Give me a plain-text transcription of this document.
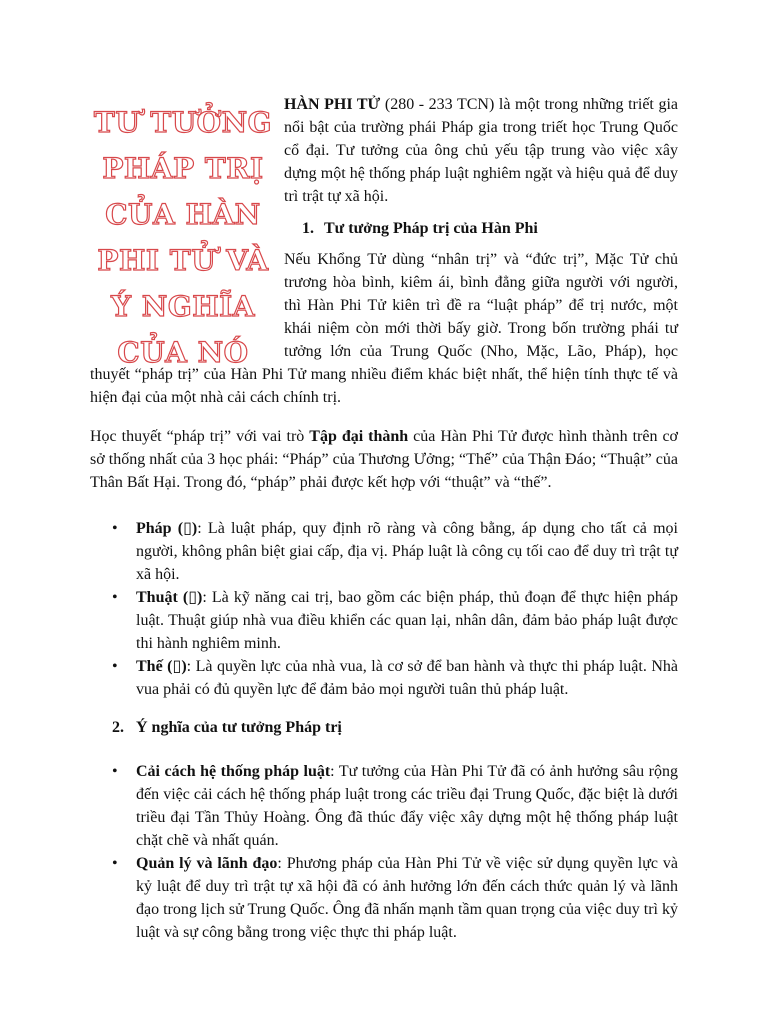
TƯ TƯỞNG
PHÁP TRỊ
CỦA HÀN
PHI TỬ VÀ
Ý NGHĨA
CỦA NÓ

HÀN PHI TỬ (280 - 233 TCN) là một trong những triết gia nổi bật của trường phái Pháp gia trong triết học Trung Quốc cổ đại. Tư tưởng của ông chủ yếu tập trung vào việc xây dựng một hệ thống pháp luật nghiêm ngặt và hiệu quả để duy trì trật tự xã hội.

1. Tư tưởng Pháp trị của Hàn Phi

Nếu Khổng Tử dùng “nhân trị” và “đức trị”, Mặc Tử chủ trương hòa bình, kiêm ái, bình đẳng giữa người với người, thì Hàn Phi Tử kiên trì đề ra “luật pháp” để trị nước, một khái niệm còn mới thời bấy giờ. Trong bốn trường phái tư tưởng lớn của Trung Quốc (Nho, Mặc, Lão, Pháp), học thuyết “pháp trị” của Hàn Phi Tử mang nhiều điểm khác biệt nhất, thể hiện tính thực tế và hiện đại của một nhà cải cách chính trị.

Học thuyết “pháp trị” với vai trò Tập đại thành của Hàn Phi Tử được hình thành trên cơ sở thống nhất của 3 học phái: “Pháp” của Thương Ưởng; “Thế” của Thận Đáo; “Thuật” của Thân Bất Hại. Trong đó, “pháp” phải được kết hợp với “thuật” và “thế”.

• Pháp (▯): Là luật pháp, quy định rõ ràng và công bằng, áp dụng cho tất cả mọi người, không phân biệt giai cấp, địa vị. Pháp luật là công cụ tối cao để duy trì trật tự xã hội.
• Thuật (▯): Là kỹ năng cai trị, bao gồm các biện pháp, thủ đoạn để thực hiện pháp luật. Thuật giúp nhà vua điều khiển các quan lại, nhân dân, đảm bảo pháp luật được thi hành nghiêm minh.
• Thế (▯): Là quyền lực của nhà vua, là cơ sở để ban hành và thực thi pháp luật. Nhà vua phải có đủ quyền lực để đảm bảo mọi người tuân thủ pháp luật.
2. Ý nghĩa của tư tưởng Pháp trị
• Cải cách hệ thống pháp luật: Tư tưởng của Hàn Phi Tử đã có ảnh hưởng sâu rộng đến việc cải cách hệ thống pháp luật trong các triều đại Trung Quốc, đặc biệt là dưới triều đại Tần Thủy Hoàng. Ông đã thúc đẩy việc xây dựng một hệ thống pháp luật chặt chẽ và nhất quán.
• Quản lý và lãnh đạo: Phương pháp của Hàn Phi Tử về việc sử dụng quyền lực và kỷ luật để duy trì trật tự xã hội đã có ảnh hưởng lớn đến cách thức quản lý và lãnh đạo trong lịch sử Trung Quốc. Ông đã nhấn mạnh tầm quan trọng của việc duy trì kỷ luật và sự công bằng trong việc thực thi pháp luật.
